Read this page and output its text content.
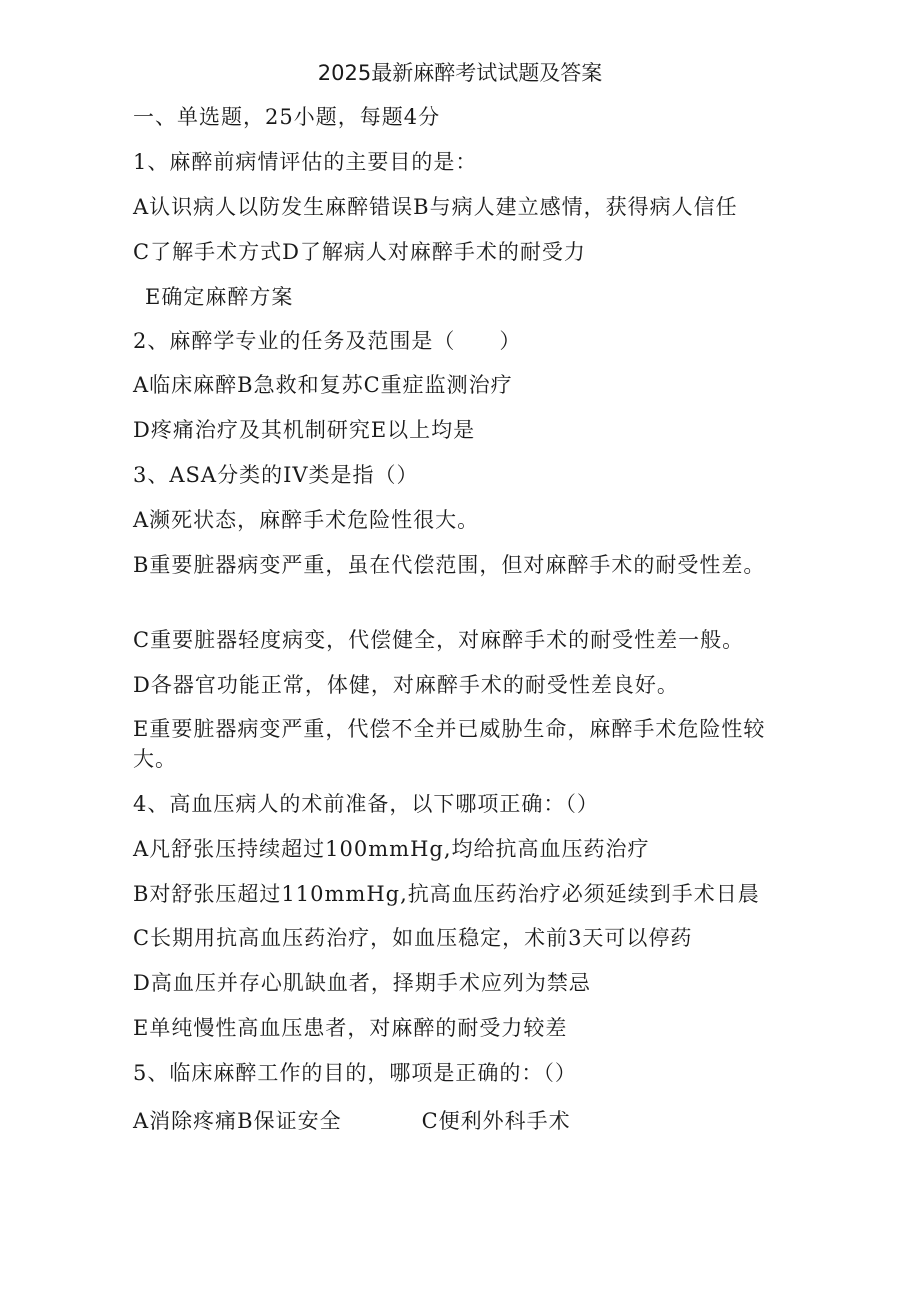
2025最新麻醉考试试题及答案
一、单选题，25小题，每题4分
1、麻醉前病情评估的主要目的是：
A认识病人以防发生麻醉错误B与病人建立感情，获得病人信任
C了解手术方式D了解病人对麻醉手术的耐受力
E确定麻醉方案
2、麻醉学专业的任务及范围是（　　）
A临床麻醉B急救和复苏C重症监测治疗
D疼痛治疗及其机制研究E以上均是
3、ASA分类的IV类是指（）
A濒死状态，麻醉手术危险性很大。
B重要脏器病变严重，虽在代偿范围，但对麻醉手术的耐受性差。
C重要脏器轻度病变，代偿健全，对麻醉手术的耐受性差一般。
D各器官功能正常，体健，对麻醉手术的耐受性差良好。
E重要脏器病变严重，代偿不全并已威胁生命，麻醉手术危险性较大。
4、高血压病人的术前准备，以下哪项正确：（）
A凡舒张压持续超过100mmHg,均给抗高血压药治疗
B对舒张压超过110mmHg,抗高血压药治疗必须延续到手术日晨
C长期用抗高血压药治疗，如血压稳定，术前3天可以停药
D高血压并存心肌缺血者，择期手术应列为禁忌
E单纯慢性高血压患者，对麻醉的耐受力较差
5、临床麻醉工作的目的，哪项是正确的：（）
A消除疼痛B保证安全	C便利外科手术
